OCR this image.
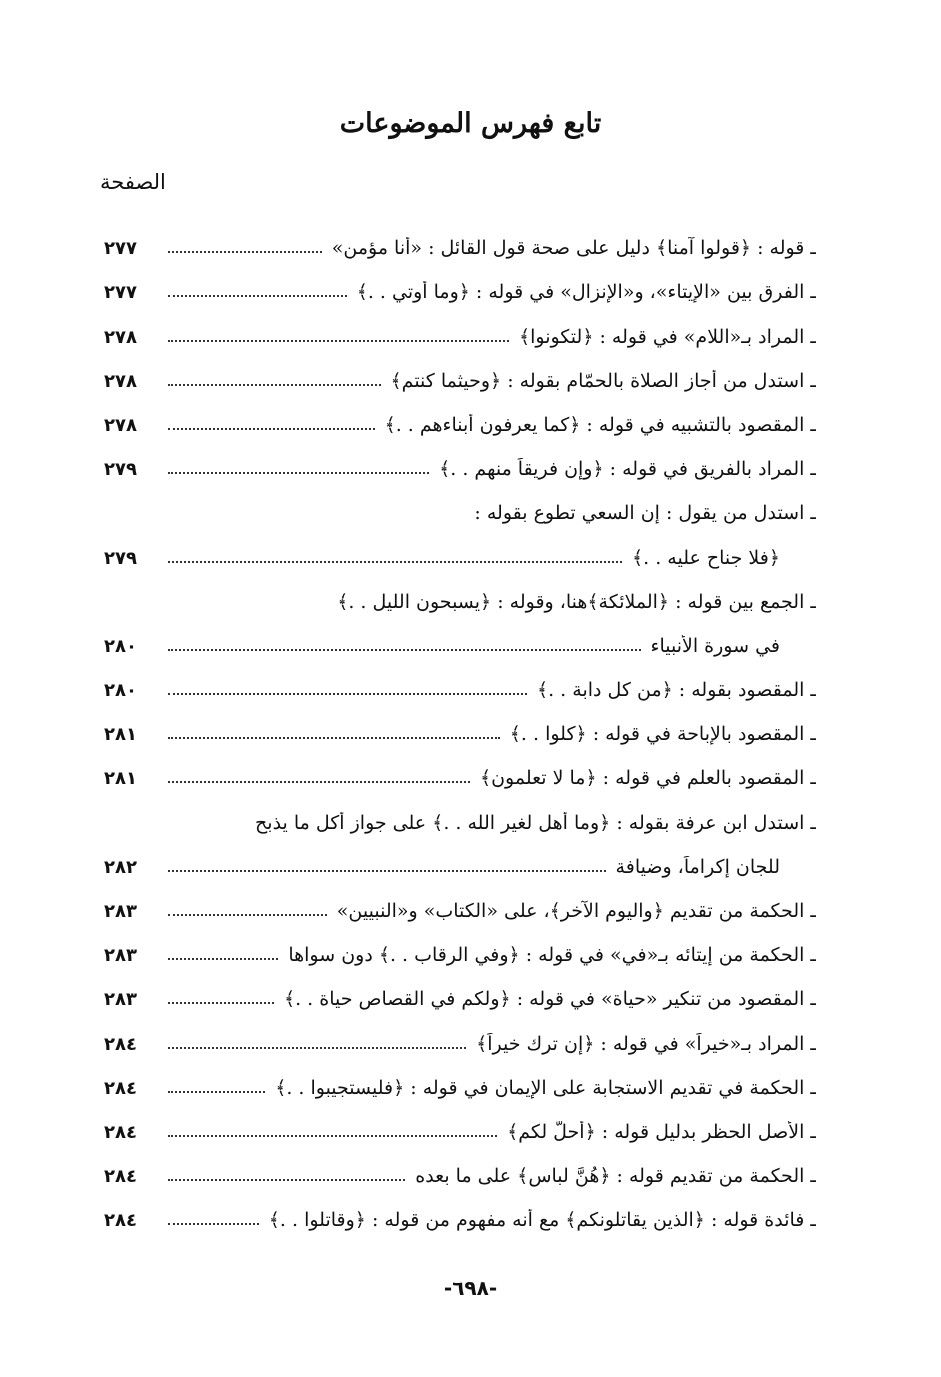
تابع فهرس الموضوعات
الصفحة
ـ قوله : ﴿قولوا آمنا﴾ دليل على صحة قول القائل : «أنا مؤمن»
٢٧٧
ـ الفرق بين «الإيتاء»، و«الإنزال» في قوله : ﴿وما أوتي . .﴾
٢٧٧
ـ المراد بـ«اللام» في قوله : ﴿لتكونوا﴾
٢٧٨
ـ استدل من أجاز الصلاة بالحمّام بقوله : ﴿وحيثما كنتم﴾
٢٧٨
ـ المقصود بالتشبيه في قوله : ﴿كما يعرفون أبناءهم . .﴾
٢٧٨
ـ المراد بالفريق في قوله : ﴿وإن فريقاً منهم . .﴾
٢٧٩
ـ استدل من يقول : إن السعي تطوع بقوله :
﴿فلا جناح عليه . .﴾
٢٧٩
ـ الجمع بين قوله : ﴿الملائكة﴾هنا، وقوله : ﴿يسبحون الليل . .﴾
في سورة الأنبياء
٢٨٠
ـ المقصود بقوله : ﴿من كل دابة . .﴾
٢٨٠
ـ المقصود بالإباحة في قوله : ﴿كلوا . .﴾
٢٨١
ـ المقصود بالعلم في قوله : ﴿ما لا تعلمون﴾
٢٨١
ـ استدل ابن عرفة بقوله : ﴿وما أهل لغير الله . .﴾ على جواز أكل ما يذبح
للجان إكراماً، وضيافة
٢٨٢
ـ الحكمة من تقديم ﴿واليوم الآخر﴾، على «الكتاب» و«النبيين»
٢٨٣
ـ الحكمة من إيتائه بـ«في» في قوله : ﴿وفي الرقاب . .﴾ دون سواها
٢٨٣
ـ المقصود من تنكير «حياة» في قوله : ﴿ولكم في القصاص حياة . .﴾
٢٨٣
ـ المراد بـ«خيراً» في قوله : ﴿إن ترك خيراً﴾
٢٨٤
ـ الحكمة في تقديم الاستجابة على الإيمان في قوله : ﴿فليستجيبوا . .﴾
٢٨٤
ـ الأصل الحظر بدليل قوله : ﴿أحلّ لكم﴾
٢٨٤
ـ الحكمة من تقديم قوله : ﴿هُنَّ لباس﴾ على ما بعده
٢٨٤
ـ فائدة قوله : ﴿الذين يقاتلونكم﴾ مع أنه مفهوم من قوله : ﴿وقاتلوا . .﴾
٢٨٤
-٦٩٨-
